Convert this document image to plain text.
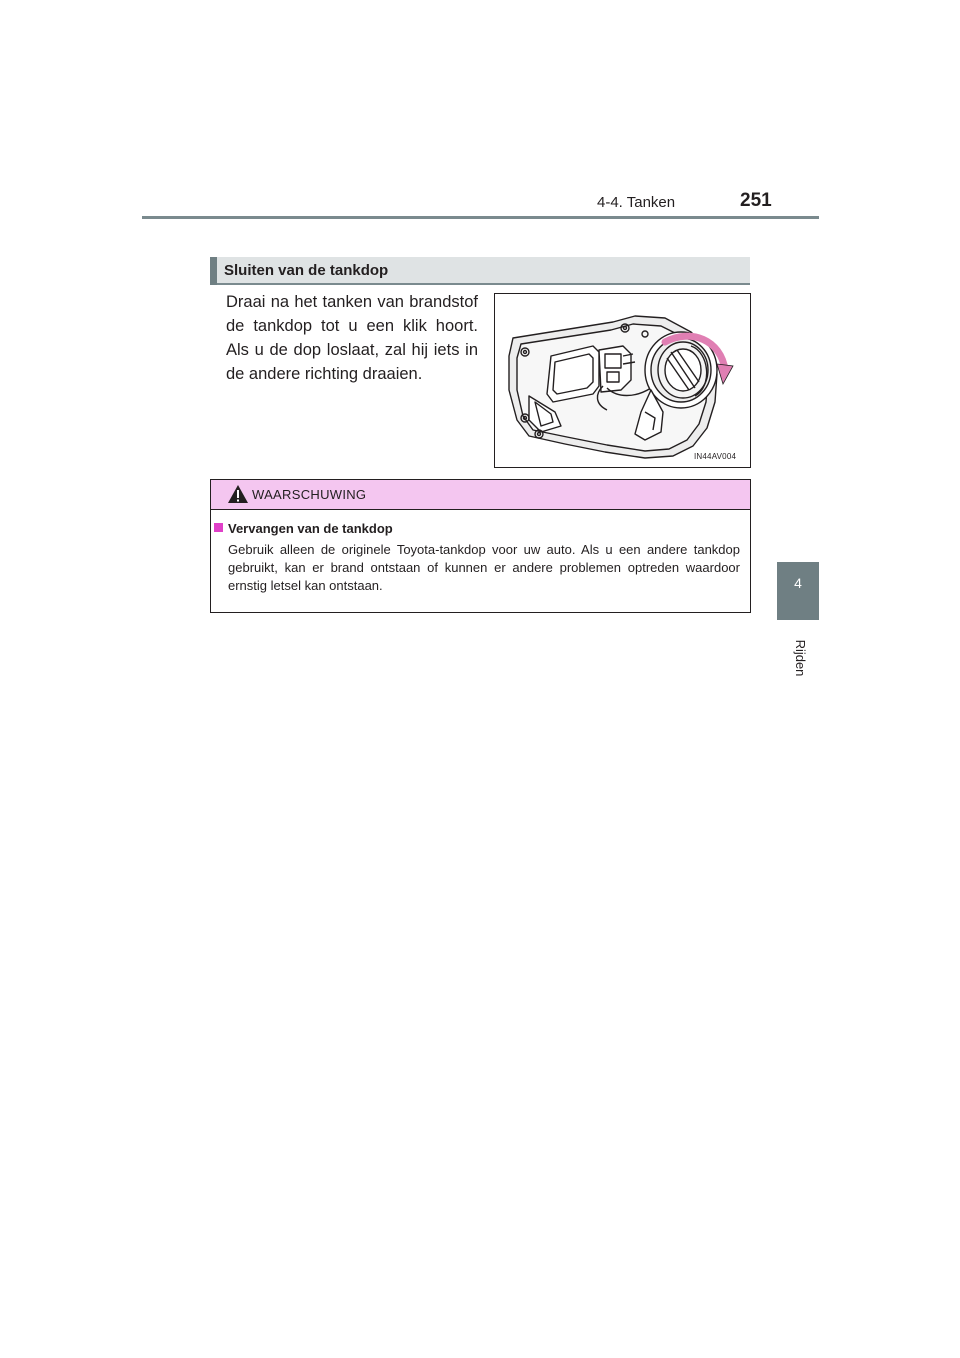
4-4. Tanken	251
4
Rijden
Sluiten van de tankdop
Draai na het tanken van brandstof de tankdop tot u een klik hoort. Als u de dop loslaat, zal hij iets in de andere richting draaien.
IN44AV004
WAARSCHUWING
Vervangen van de tankdop
Gebruik alleen de originele Toyota-tankdop voor uw auto. Als u een andere tankdop gebruikt, kan er brand ontstaan of kunnen er andere problemen optreden waardoor ernstig letsel kan ontstaan.
